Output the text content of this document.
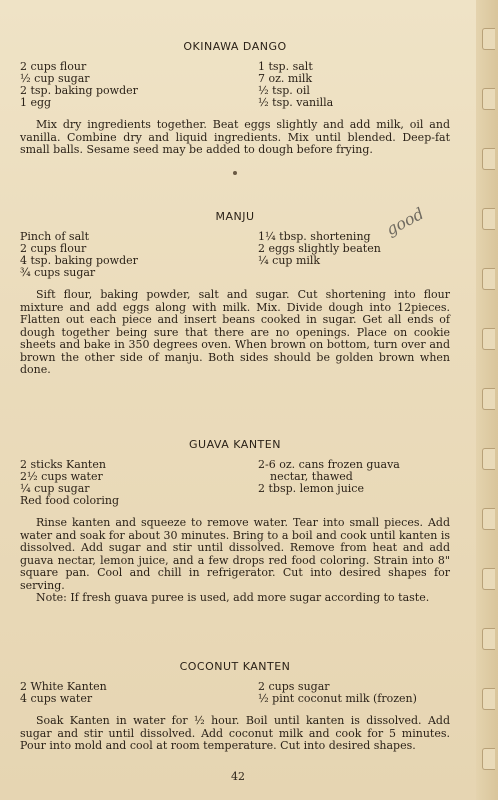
OKINAWA DANGO
2 cups flour
½ cup sugar
2 tsp. baking powder
1 egg
1 tsp. salt
7 oz. milk
½ tsp. oil
½ tsp. vanilla

Mix dry ingredients together. Beat eggs slightly and add milk, oil and vanilla. Combine dry and liquid ingredients. Mix until blended. Deep-fat small balls. Sesame seed may be added to dough before frying.

MANJU
Pinch of salt
2 cups flour
4 tsp. baking powder
¾ cups sugar
1¼ tbsp. shortening
2 eggs slightly beaten
¼ cup milk

Sift flour, baking powder, salt and sugar. Cut shortening into flour mixture and add eggs along with milk. Mix. Divide dough into 12pieces. Flatten out each piece and insert beans cooked in sugar. Get all ends of dough together being sure that there are no openings. Place on cookie sheets and bake in 350 degrees oven. When brown on bottom, turn over and brown the other side of manju. Both sides should be golden brown when done.

good
GUAVA KANTEN
2 sticks Kanten
2½ cups water
¼ cup sugar
Red food coloring
2-6 oz. cans frozen guava
nectar, thawed
2 tbsp. lemon juice

Rinse kanten and squeeze to remove water. Tear into small pieces. Add water and soak for about 30 minutes. Bring to a boil and cook until kanten is dissolved. Add sugar and stir until dissolved. Remove from heat and add guava nectar, lemon juice, and a few drops red food coloring. Strain into 8" square pan. Cool and chill in refrigerator. Cut into desired shapes for serving.

Note: If fresh guava puree is used, add more sugar according to taste.

COCONUT KANTEN
2 White Kanten
4 cups water
2 cups sugar
½ pint coconut milk (frozen)

Soak Kanten in water for ½ hour. Boil until kanten is dissolved. Add sugar and stir until dissolved. Add coconut milk and cook for 5 minutes. Pour into mold and cool at room temperature. Cut into desired shapes.

42
